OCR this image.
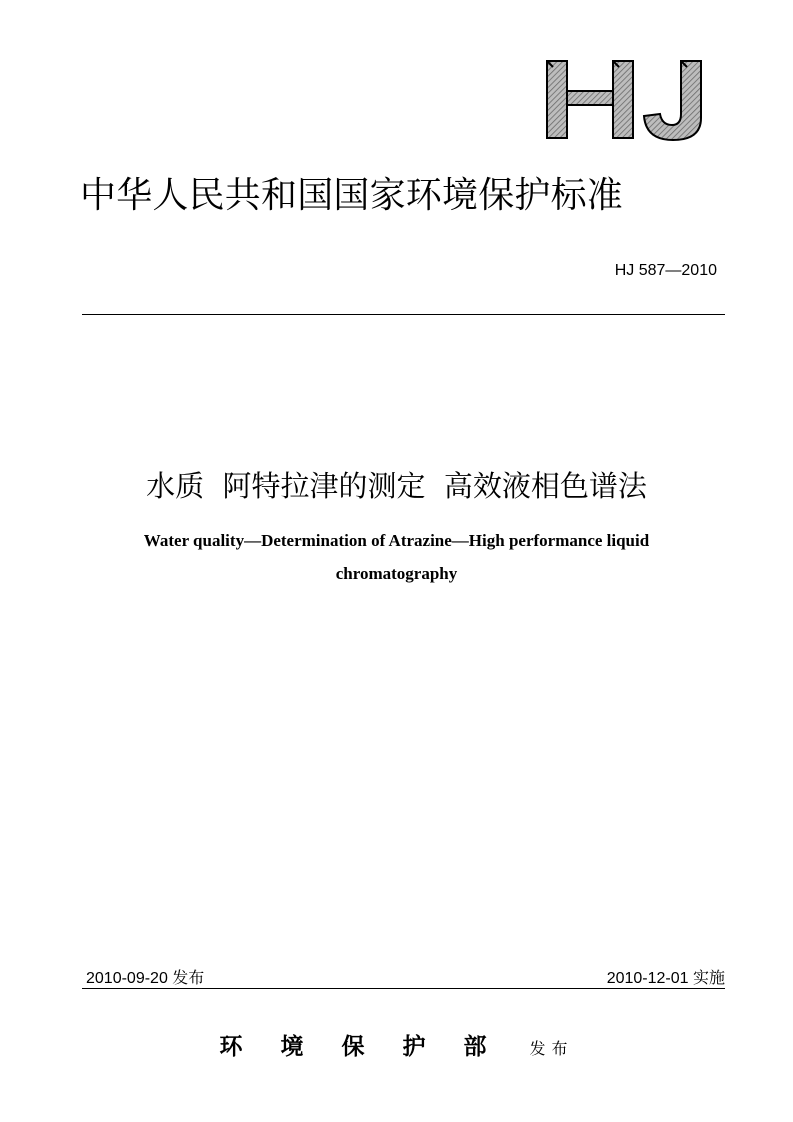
中华人民共和国国家环境保护标准
HJ 587—2010
水质  阿特拉津的测定  高效液相色谱法
Water quality—Determination of Atrazine—High performance liquid chromatography
2010-09-20 发布	2010-12-01 实施
环境保护部 发布
